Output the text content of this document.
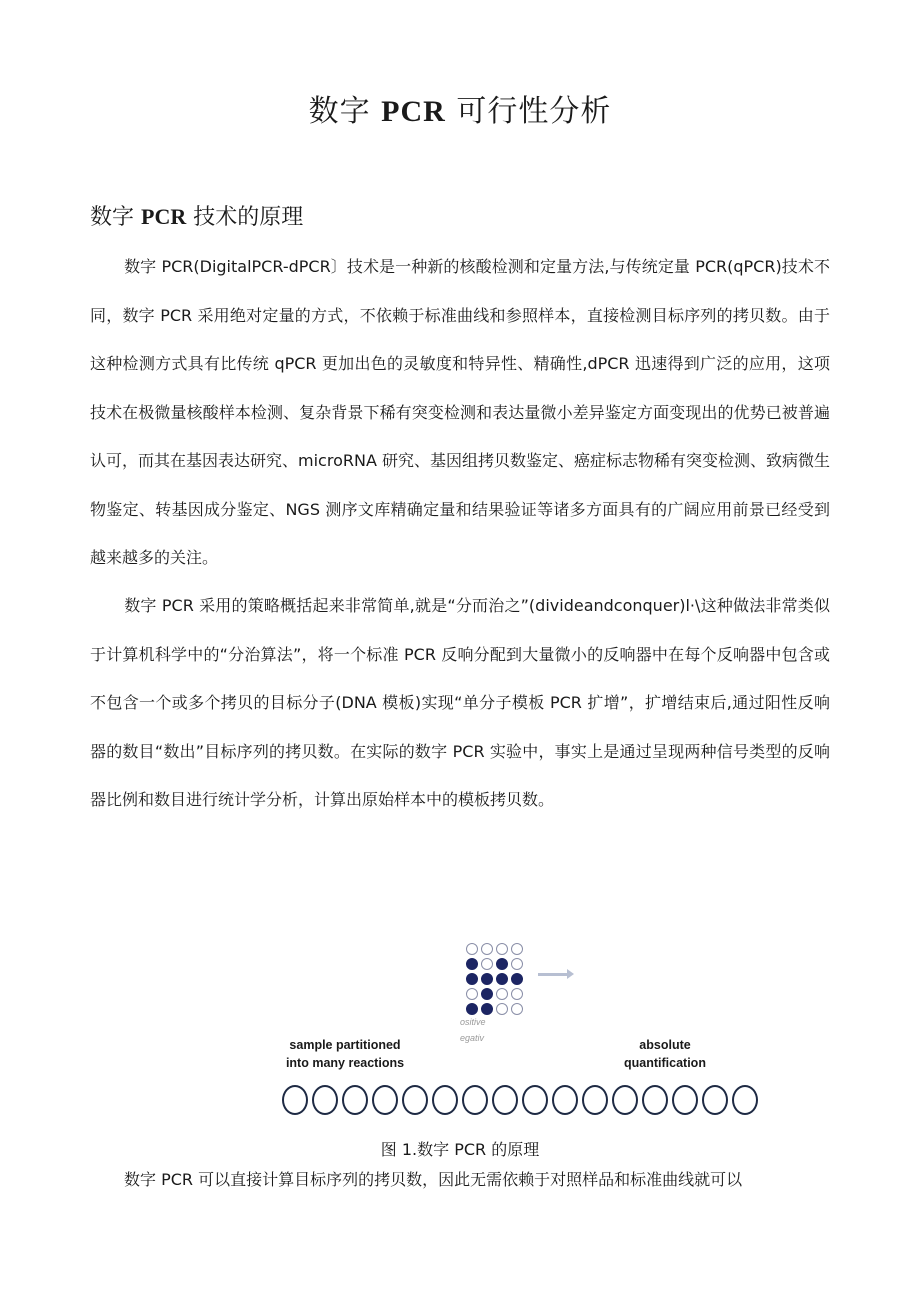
数字 PCR 可行性分析
数字 PCR 技术的原理

数字 PCR(DigitalPCR-dPCR〕技术是一种新的核酸检测和定量方法,与传统定量 PCR(qPCR)技术不同，数字 PCR 采用绝对定量的方式，不依赖于标准曲线和参照样本，直接检测目标序列的拷贝数。由于这种检测方式具有比传统 qPCR 更加出色的灵敏度和特异性、精确性,dPCR 迅速得到广泛的应用，这项技术在极微量核酸样本检测、复杂背景下稀有突变检测和表达量微小差异鉴定方面变现出的优势已被普遍认可，而其在基因表达研究、microRNA 研究、基因组拷贝数鉴定、癌症标志物稀有突变检测、致病微生物鉴定、转基因成分鉴定、NGS 测序文库精确定量和结果验证等诸多方面具有的广阔应用前景已经受到越来越多的关注。

数字 PCR 采用的策略概括起来非常简单,就是“分而治之”(divideandconquer)l·\这种做法非常类似于计算机科学中的“分治算法”，将一个标准 PCR 反响分配到大量微小的反响器中在每个反响器中包含或不包含一个或多个拷贝的目标分子(DNA 模板)实现“单分子模板 PCR 扩增”，扩增结束后,通过阳性反响器的数目“数出”目标序列的拷贝数。在实际的数字 PCR 实验中，事实上是通过呈现两种信号类型的反响器比例和数目进行统计学分析，计算出原始样本中的模板拷贝数。

ositive
egativ
sample partitioned
into many reactions
absolute
quantification

图 1.数字 PCR 的原理

数字 PCR 可以直接计算目标序列的拷贝数，因此无需依赖于对照样品和标准曲线就可以
